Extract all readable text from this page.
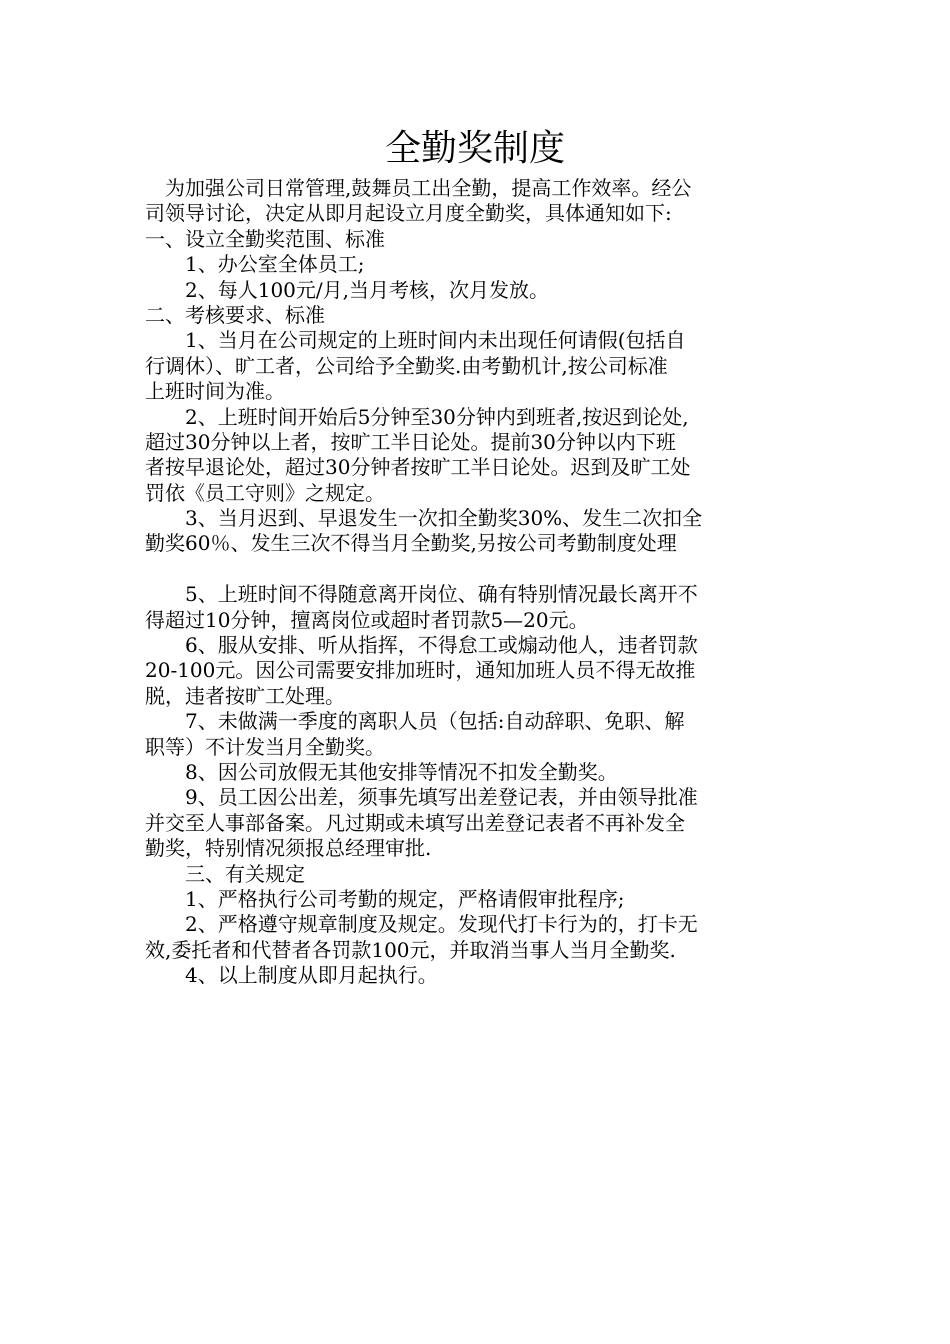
全勤奖制度
　为加强公司日常管理,鼓舞员工出全勤，提高工作效率。经公
司领导讨论，决定从即月起设立月度全勤奖，具体通知如下:
一、设立全勤奖范围、标准
　　1、办公室全体员工;
　　2、每人100元/月,当月考核，次月发放。
二、考核要求、标准
　　1、当月在公司规定的上班时间内未出现任何请假(包括自
行调休）、旷工者，公司给予全勤奖.由考勤机计,按公司标准
上班时间为准。
　　2、上班时间开始后5分钟至30分钟内到班者,按迟到论处,
超过30分钟以上者，按旷工半日论处。提前30分钟以内下班
者按早退论处，超过30分钟者按旷工半日论处。迟到及旷工处
罚依《员工守则》之规定。
　　3、当月迟到、早退发生一次扣全勤奖30%、发生二次扣全
勤奖60％、发生三次不得当月全勤奖,另按公司考勤制度处理
　　5、上班时间不得随意离开岗位、确有特别情况最长离开不
得超过10分钟，擅离岗位或超时者罚款5—20元。
　　6、服从安排、听从指挥，不得怠工或煽动他人，违者罚款
20-100元。因公司需要安排加班时，通知加班人员不得无故推
脱，违者按旷工处理。
　　7、未做满一季度的离职人员（包括:自动辞职、免职、解
职等）不计发当月全勤奖。
　　8、因公司放假无其他安排等情况不扣发全勤奖。
　　9、员工因公出差，须事先填写出差登记表，并由领导批准
并交至人事部备案。凡过期或未填写出差登记表者不再补发全
勤奖，特别情况须报总经理审批.
　　三、有关规定
　　1、严格执行公司考勤的规定，严格请假审批程序;
　　2、严格遵守规章制度及规定。发现代打卡行为的，打卡无
效,委托者和代替者各罚款100元，并取消当事人当月全勤奖.
　　4、以上制度从即月起执行。
